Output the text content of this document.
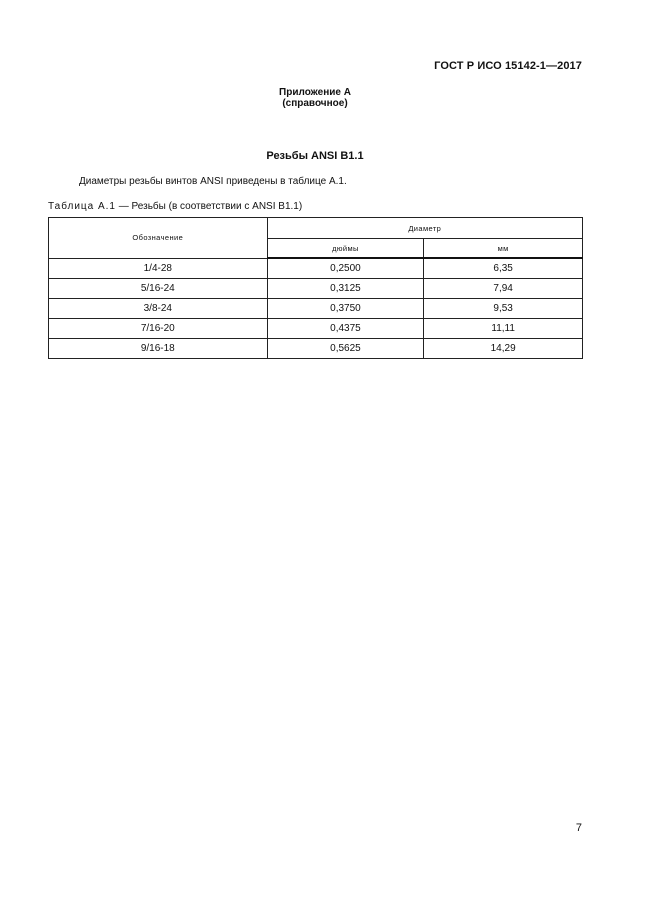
ГОСТ Р ИСО 15142-1—2017
Приложение А
(справочное)
Резьбы ANSI B1.1
Диаметры резьбы винтов ANSI приведены в таблице А.1.
Таблица А.1 — Резьбы (в соответствии с ANSI B1.1)
Обозначение	Диаметр	
	дюймы	мм
1/4-28	0,2500	6,35
5/16-24	0,3125	7,94
3/8-24	0,3750	9,53
7/16-20	0,4375	11,11
9/16-18	0,5625	14,29
7
